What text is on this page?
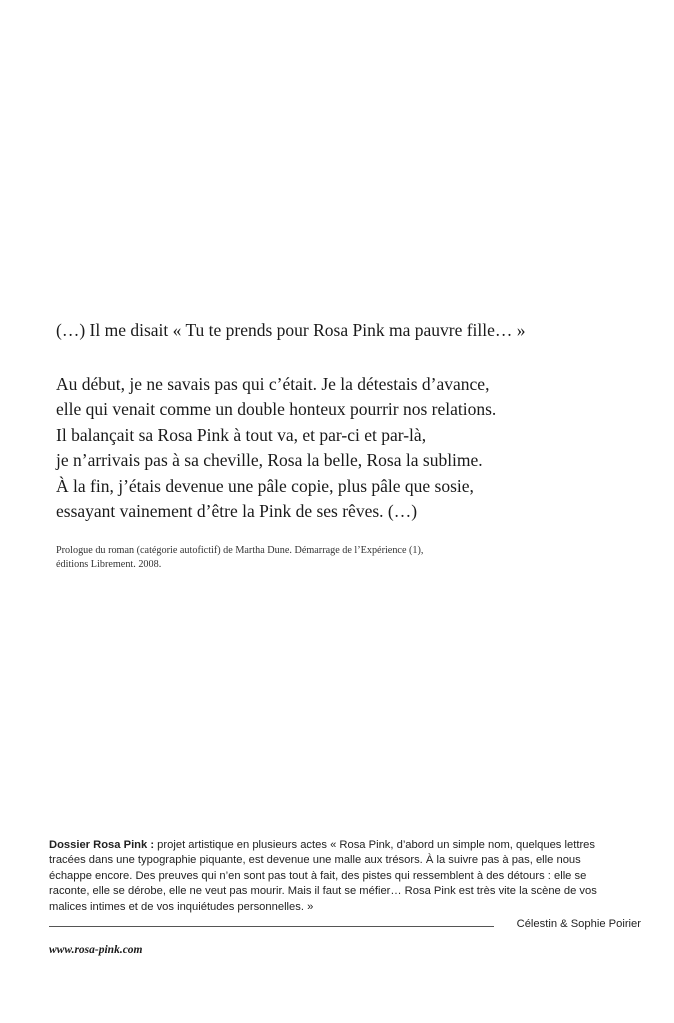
(…) Il me disait « Tu te prends pour Rosa Pink ma pauvre fille… »

Au début, je ne savais pas qui c’était. Je la détestais d’avance,
elle qui venait comme un double honteux pourrir nos relations.
Il balançait sa Rosa Pink à tout va, et par-ci et par-là,
je n’arrivais pas à sa cheville, Rosa la belle, Rosa la sublime.
À la fin, j’étais devenue une pâle copie, plus pâle que sosie,
essayant vainement d’être la Pink de ses rêves. (…)
Prologue du roman (catégorie autofictif) de Martha Dune. Démarrage de l’Expérience (1),
éditions Librement. 2008.
Dossier Rosa Pink : projet artistique en plusieurs actes « Rosa Pink, d’abord un simple nom, quelques lettres
tracées dans une typographie piquante, est devenue une malle aux trésors. À la suivre pas à pas, elle nous
échappe encore. Des preuves qui n’en sont pas tout à fait, des pistes qui ressemblent à des détours : elle se
raconte, elle se dérobe, elle ne veut pas mourir. Mais il faut se méfier… Rosa Pink est très vite la scène de vos
malices intimes et de vos inquiétudes personnelles. »
Célestin & Sophie Poirier
www.rosa-pink.com
